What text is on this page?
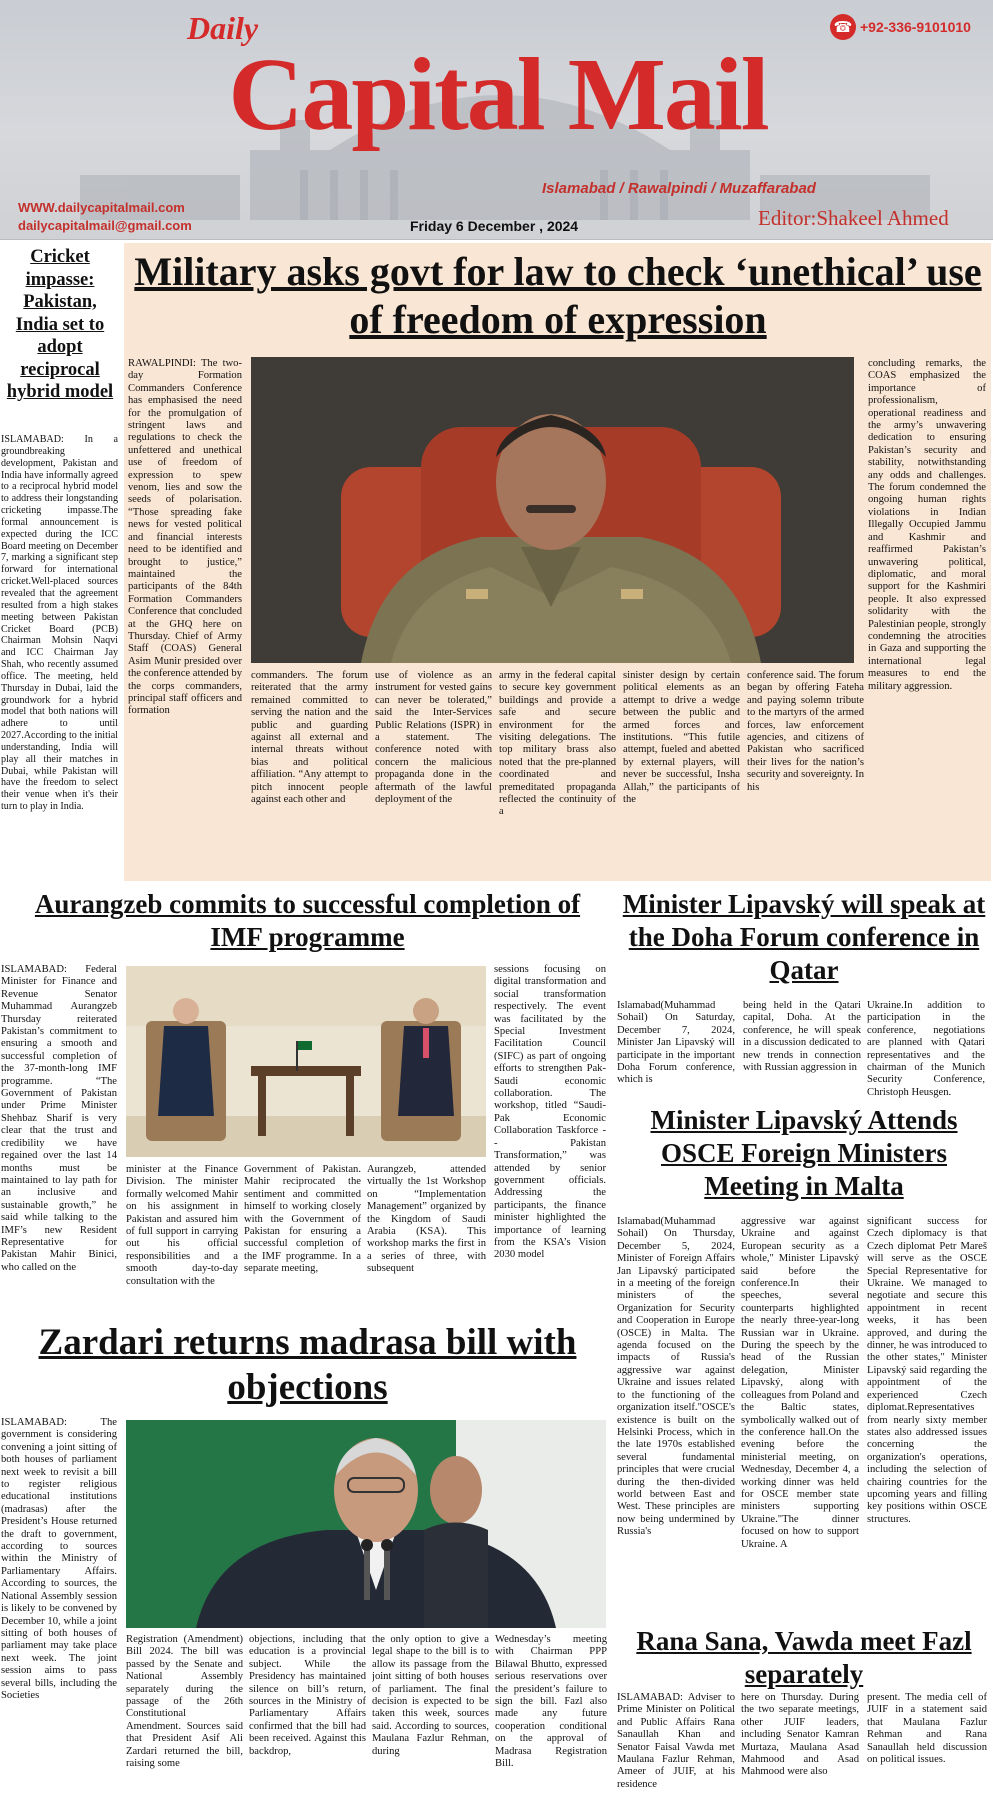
Daily
Capital Mail
☎ +92-336-9101010
Islamabad / Rawalpindi / Muzaffarabad
WWW.dailycapitalmail.com
dailycapitalmail@gmail.com	Friday 6 December , 2024	Editor:Shakeel Ahmed
Cricket impasse: Pakistan, India set to adopt reciprocal hybrid model
ISLAMABAD: In a groundbreaking development, Pakistan and India have informally agreed to a reciprocal hybrid model to address their longstanding cricketing impasse.The formal announcement is expected during the ICC Board meeting on December 7, marking a significant step forward for international cricket.Well-placed sources revealed that the agreement resulted from a high stakes meeting between Pakistan Cricket Board (PCB) Chairman Mohsin Naqvi and ICC Chairman Jay Shah, who recently assumed office. The meeting, held Thursday in Dubai, laid the groundwork for a hybrid model that both nations will adhere to until 2027.According to the initial understanding, India will play all their matches in Dubai, while Pakistan will have the freedom to select their venue when it's their turn to play in India.
Military asks govt for law to check ‘unethical’ use of freedom of expression
RAWALPINDI: The two-day Formation Commanders Conference has emphasised the need for the promulgation of stringent laws and regulations to check the unfettered and unethical use of freedom of expression to spew venom, lies and sow the seeds of polarisation. “Those spreading fake news for vested political and financial interests need to be identified and brought to justice,” maintained the participants of the 84th Formation Commanders Conference that concluded at the GHQ here on Thursday. Chief of Army Staff (COAS) General Asim Munir presided over the conference attended by the corps commanders, principal staff officers and formation
concluding remarks, the COAS emphasized the importance of professionalism, operational readiness and the army’s unwavering dedication to ensuring Pakistan’s security and stability, notwithstanding any odds and challenges. The forum condemned the ongoing human rights violations in Indian Illegally Occupied Jammu and Kashmir and reaffirmed Pakistan’s unwavering political, diplomatic, and moral support for the Kashmiri people. It also expressed solidarity with the Palestinian people, strongly condemning the atrocities in Gaza and supporting the international legal measures to end the military aggression.
commanders. The forum reiterated that the army remained committed to serving the nation and the public and guarding against all external and internal threats without bias and political affiliation. “Any attempt to pitch innocent people against each other and
use of violence as an instrument for vested gains can never be tolerated,” said the Inter-Services Public Relations (ISPR) in a statement. The conference noted with concern the malicious propaganda done in the aftermath of the lawful deployment of the
army in the federal capital to secure key government buildings and provide a safe and secure environment for the visiting delegations. The top military brass also noted that the pre-planned coordinated and premeditated propaganda reflected the continuity of a
sinister design by certain political elements as an attempt to drive a wedge between the public and armed forces and institutions. “This futile attempt, fueled and abetted by external players, will never be successful, Insha Allah,” the participants of the
conference said. The forum began by offering Fateha and paying solemn tribute to the martyrs of the armed forces, law enforcement agencies, and citizens of Pakistan who sacrificed their lives for the nation’s security and sovereignty. In his
Aurangzeb commits to successful completion of IMF programme
ISLAMABAD: Federal Minister for Finance and Revenue Senator Muhammad Aurangzeb Thursday reiterated Pakistan’s commitment to ensuring a smooth and successful completion of the 37-month-long IMF programme. “The Government of Pakistan under Prime Minister Shehbaz Sharif is very clear that the trust and credibility we have regained over the last 14 months must be maintained to lay path for an inclusive and sustainable growth,” he said while talking to the IMF’s new Resident Representative for Pakistan Mahir Binici, who called on the
sessions focusing on digital transformation and social transformation respectively. The event was facilitated by the Special Investment Facilitation Council (SIFC) as part of ongoing efforts to strengthen Pak-Saudi economic collaboration. The workshop, titled “Saudi-Pak Economic Collaboration Taskforce -- Pakistan Transformation,” was attended by senior government officials. Addressing the participants, the finance minister highlighted the importance of learning from the KSA’s Vision 2030 model
minister at the Finance Division. The minister formally welcomed Mahir on his assignment in Pakistan and assured him of full support in carrying out his official responsibilities and a smooth day-to-day consultation with the
Government of Pakistan. Mahir reciprocated the sentiment and committed himself to working closely with the Government of Pakistan for ensuring a successful completion of the IMF programme. In a separate meeting,
Aurangzeb, attended virtually the 1st Workshop on “Implementation Management” organized by the Kingdom of Saudi Arabia (KSA). This workshop marks the first in a series of three, with subsequent
Zardari returns madrasa bill with objections
ISLAMABAD: The government is considering convening a joint sitting of both houses of parliament next week to revisit a bill to register religious educational institutions (madrasas) after the President’s House returned the draft to government, according to sources within the Ministry of Parliamentary Affairs. According to sources, the National Assembly session is likely to be convened by December 10, while a joint sitting of both houses of parliament may take place next week. The joint session aims to pass several bills, including the Societies
Registration (Amendment) Bill 2024. The bill was passed by the Senate and National Assembly separately during the passage of the 26th Constitutional Amendment. Sources said that President Asif Ali Zardari returned the bill, raising some
objections, including that education is a provincial subject. While the Presidency has maintained silence on bill’s return, sources in the Ministry of Parliamentary Affairs confirmed that the bill had been received. Against this backdrop,
the only option to give a legal shape to the bill is to allow its passage from the joint sitting of both houses of parliament. The final decision is expected to be taken this week, sources said. According to sources, Maulana Fazlur Rehman, during
Wednesday’s meeting with Chairman PPP Bilawal Bhutto, expressed serious reservations over the president’s failure to sign the bill. Fazl also made any future cooperation conditional on the approval of Madrasa Registration Bill.
Minister Lipavský will speak at the Doha Forum conference in Qatar
Islamabad(Muhammad Sohail) On Saturday, December 7, 2024, Minister Jan Lipavský will participate in the important Doha Forum conference, which is
being held in the Qatari capital, Doha. At the conference, he will speak in a discussion dedicated to new trends in connection with Russian aggression in
Ukraine.In addition to participation in the conference, negotiations are planned with Qatari representatives and the chairman of the Munich Security Conference, Christoph Heusgen.
Minister Lipavský Attends OSCE Foreign Ministers Meeting in Malta
Islamabad(Muhammad Sohail) On Thursday, December 5, 2024, Minister of Foreign Affairs Jan Lipavský participated in a meeting of the foreign ministers of the Organization for Security and Cooperation in Europe (OSCE) in Malta. The agenda focused on the impacts of Russia's aggressive war against Ukraine and issues related to the functioning of the organization itself."OSCE's existence is built on the Helsinki Process, which in the late 1970s established several fundamental principles that were crucial during the then-divided world between East and West. These principles are now being undermined by Russia's
aggressive war against Ukraine and against European security as a whole," Minister Lipavský said before the conference.In their speeches, several counterparts highlighted the nearly three-year-long Russian war in Ukraine. During the speech by the head of the Russian delegation, Minister Lipavský, along with colleagues from Poland and the Baltic states, symbolically walked out of the conference hall.On the evening before the ministerial meeting, on Wednesday, December 4, a working dinner was held for OSCE member state ministers supporting Ukraine."The dinner focused on how to support Ukraine. A
significant success for Czech diplomacy is that Czech diplomat Petr Mareš will serve as the OSCE Special Representative for Ukraine. We managed to negotiate and secure this appointment in recent weeks, it has been approved, and during the dinner, he was introduced to the other states," Minister Lipavský said regarding the appointment of the experienced Czech diplomat.Representatives from nearly sixty member states also addressed issues concerning the organization's operations, including the selection of chairing countries for the upcoming years and filling key positions within OSCE structures.
Rana Sana, Vawda meet Fazl separately
ISLAMABAD: Adviser to Prime Minister on Political and Public Affairs Rana Sanaullah Khan and Senator Faisal Vawda met Maulana Fazlur Rehman, Ameer of JUIF, at his residence
here on Thursday. During the two separate meetings, other JUIF leaders, including Senator Kamran Murtaza, Maulana Asad Mahmood and Asad Mahmood were also
present. The media cell of JUIF in a statement said that Maulana Fazlur Rehman and Rana Sanaullah held discussion on political issues.
